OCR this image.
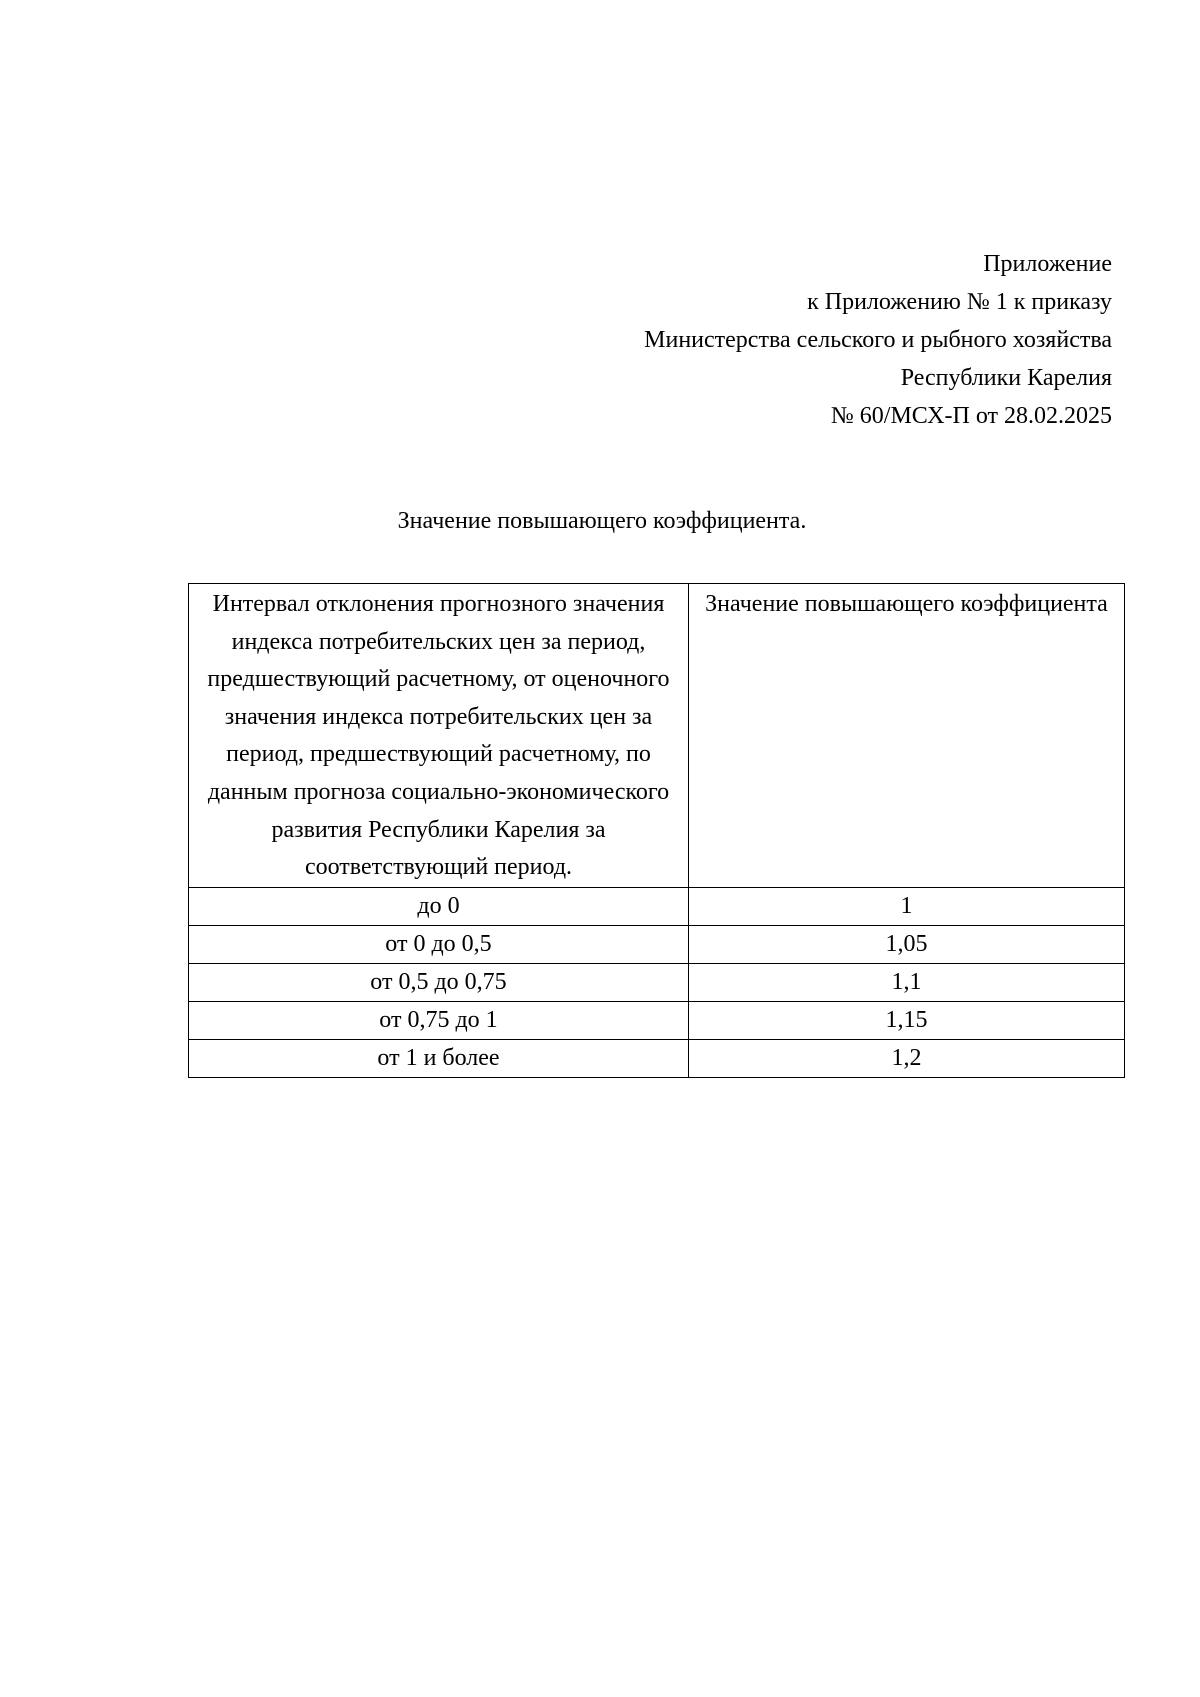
Приложение
к Приложению № 1 к приказу
Министерства сельского и рыбного хозяйства
Республики Карелия
№ 60/МСХ-П от 28.02.2025
Значение повышающего коэффициента.
Интервал отклонения прогнозного значения индекса потребительских цен за период, предшествующий расчетному, от оценочного значения индекса потребительских цен за период, предшествующий расчетному, по данным прогноза социально-экономического развития Республики Карелия за соответствующий период.	Значение повышающего коэффициента
до 0	1
от 0 до 0,5	1,05
от 0,5 до 0,75	1,1
от 0,75 до 1	1,15
от 1 и более	1,2
